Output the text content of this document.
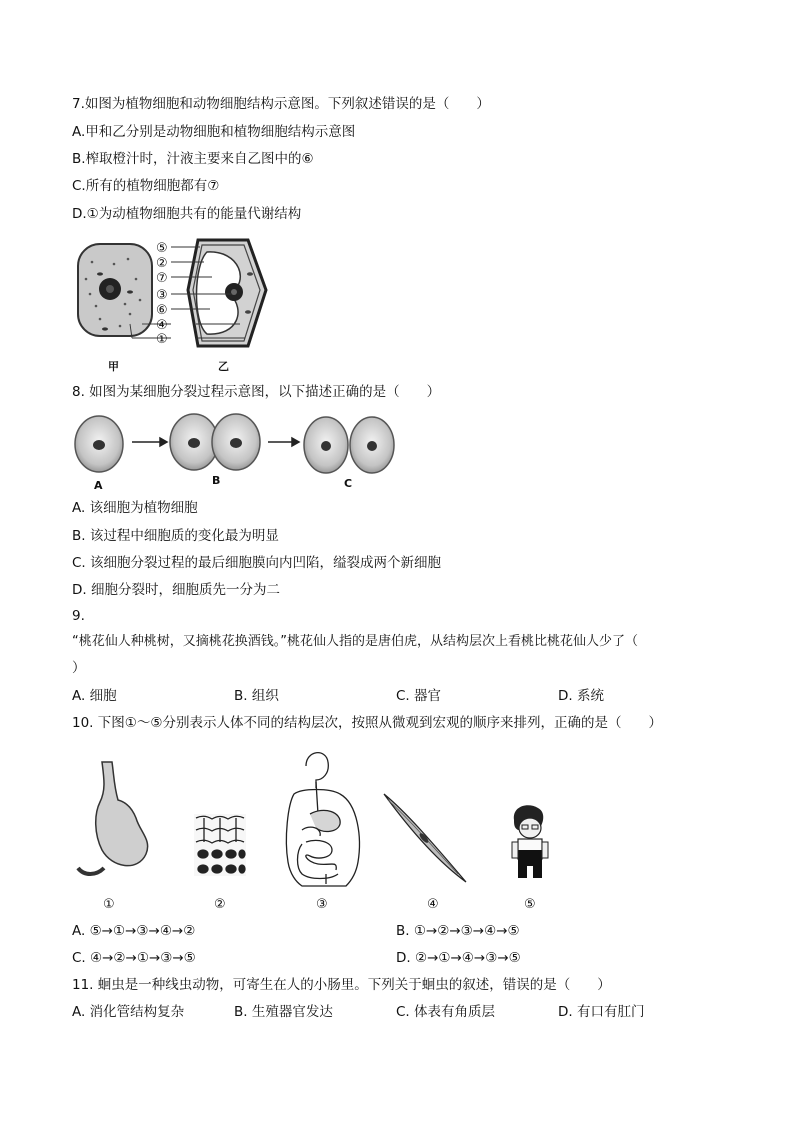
7.如图为植物细胞和动物细胞结构示意图。下列叙述错误的是（　　）
A.甲和乙分别是动物细胞和植物细胞结构示意图
B.榨取橙汁时，汁液主要来自乙图中的⑥
C.所有的植物细胞都有⑦
D.①为动植物细胞共有的能量代谢结构
⑤
②
⑦
③
⑥
④
①
甲	乙
8. 如图为某细胞分裂过程示意图，以下描述正确的是（　　）
A	B	C
A. 该细胞为植物细胞
B. 该过程中细胞质的变化最为明显
C. 该细胞分裂过程的最后细胞膜向内凹陷，缢裂成两个新细胞
D. 细胞分裂时，细胞质先一分为二
9.
“桃花仙人种桃树，又摘桃花换酒钱。”桃花仙人指的是唐伯虎，从结构层次上看桃比桃花仙人少了（
）
A. 细胞	B. 组织	C. 器官	D. 系统
10. 下图①～⑤分别表示人体不同的结构层次，按照从微观到宏观的顺序来排列，正确的是（　　）
①	②	③	④	⑤
A. ⑤→①→③→④→②	B. ①→②→③→④→⑤
C. ④→②→①→③→⑤	D. ②→①→④→③→⑤
11. 蛔虫是一种线虫动物，可寄生在人的小肠里。下列关于蛔虫的叙述，错误的是（　　）
A. 消化管结构复杂	B. 生殖器官发达	C. 体表有角质层	D. 有口有肛门
